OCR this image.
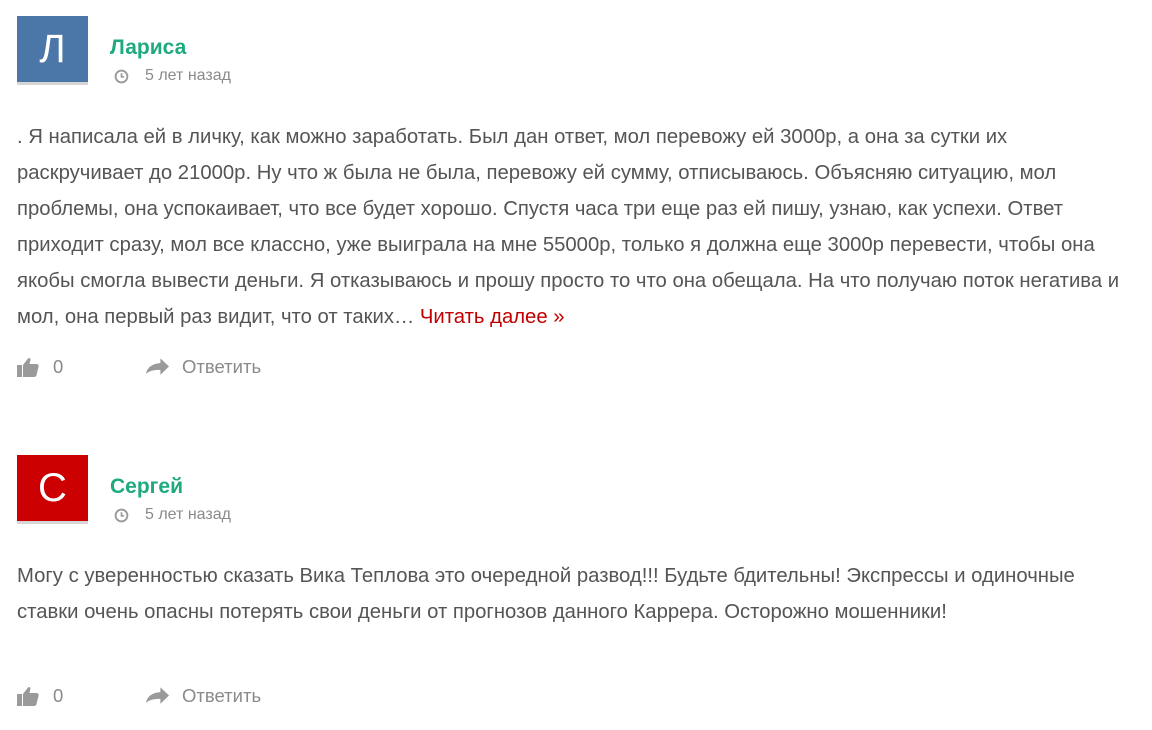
Л	Лариса
5 лет назад

. Я написала ей в личку, как можно заработать. Был дан ответ, мол перевожу ей 3000р, а она за сутки их раскручивает до 21000р. Ну что ж была не была, перевожу ей сумму, отписываюсь. Объясняю ситуацию, мол проблемы, она успокаивает, что все будет хорошо. Спустя часа три еще раз ей пишу, узнаю, как успехи. Ответ приходит сразу, мол все классно, уже выиграла на мне 55000р, только я должна еще 3000р перевести, чтобы она якобы смогла вывести деньги. Я отказываюсь и прошу просто то что она обещала. На что получаю поток негатива и мол, она первый раз видит, что от таких… Читать далее »

0	Ответить
С	Сергей
5 лет назад

Могу с уверенностью сказать Вика Теплова это очередной развод!!! Будьте бдительны! Экспрессы и одиночные ставки очень опасны потерять свои деньги от прогнозов данного Каррера. Осторожно мошенники!

0	Ответить
